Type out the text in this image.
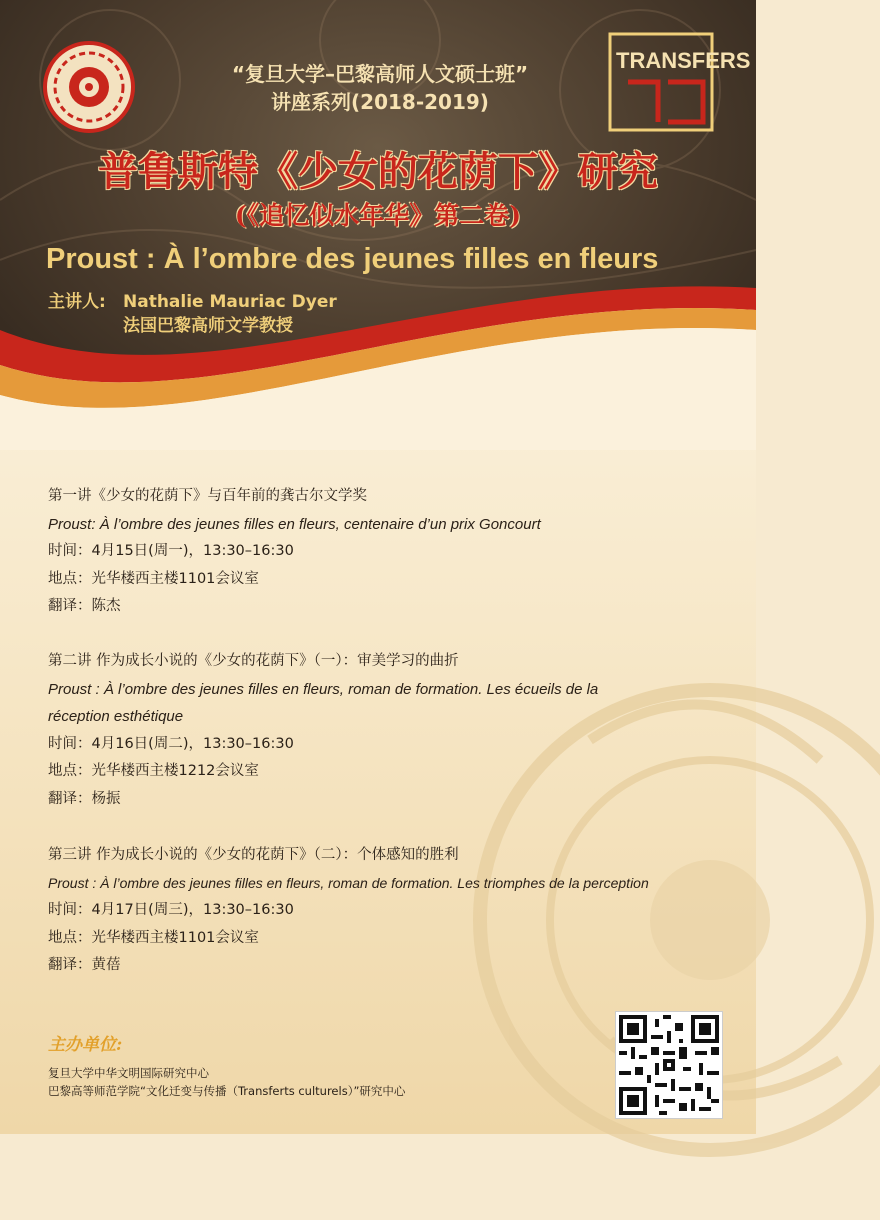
TRANSFERS
“复旦大学–巴黎高师人文硕士班”
讲座系列(2018-2019)
普鲁斯特《少女的花荫下》研究
(《追忆似水年华》第二卷)
Proust : À l’ombre des jeunes filles en fleurs
主讲人: Nathalie Mauriac Dyer
法国巴黎高师文学教授
第一讲《少女的花荫下》与百年前的龚古尔文学奖
Proust: À l’ombre des jeunes filles en fleurs, centenaire d’un prix Goncourt
时间：4月15日(周一)，13:30–16:30
地点：光华楼西主楼1101会议室
翻译：陈杰
第二讲 作为成长小说的《少女的花荫下》（一）：审美学习的曲折
Proust : À l’ombre des jeunes filles en fleurs, roman de formation. Les écueils de la
réception esthétique
时间：4月16日(周二)，13:30–16:30
地点：光华楼西主楼1212会议室
翻译：杨振
第三讲 作为成长小说的《少女的花荫下》（二）：个体感知的胜利
Proust : À l’ombre des jeunes filles en fleurs, roman de formation. Les triomphes de la perception
时间：4月17日(周三)，13:30–16:30
地点：光华楼西主楼1101会议室
翻译：黄蓓
主办单位:
复旦大学中华文明国际研究中心
巴黎高等师范学院“文化迁变与传播（Transferts culturels）”研究中心
